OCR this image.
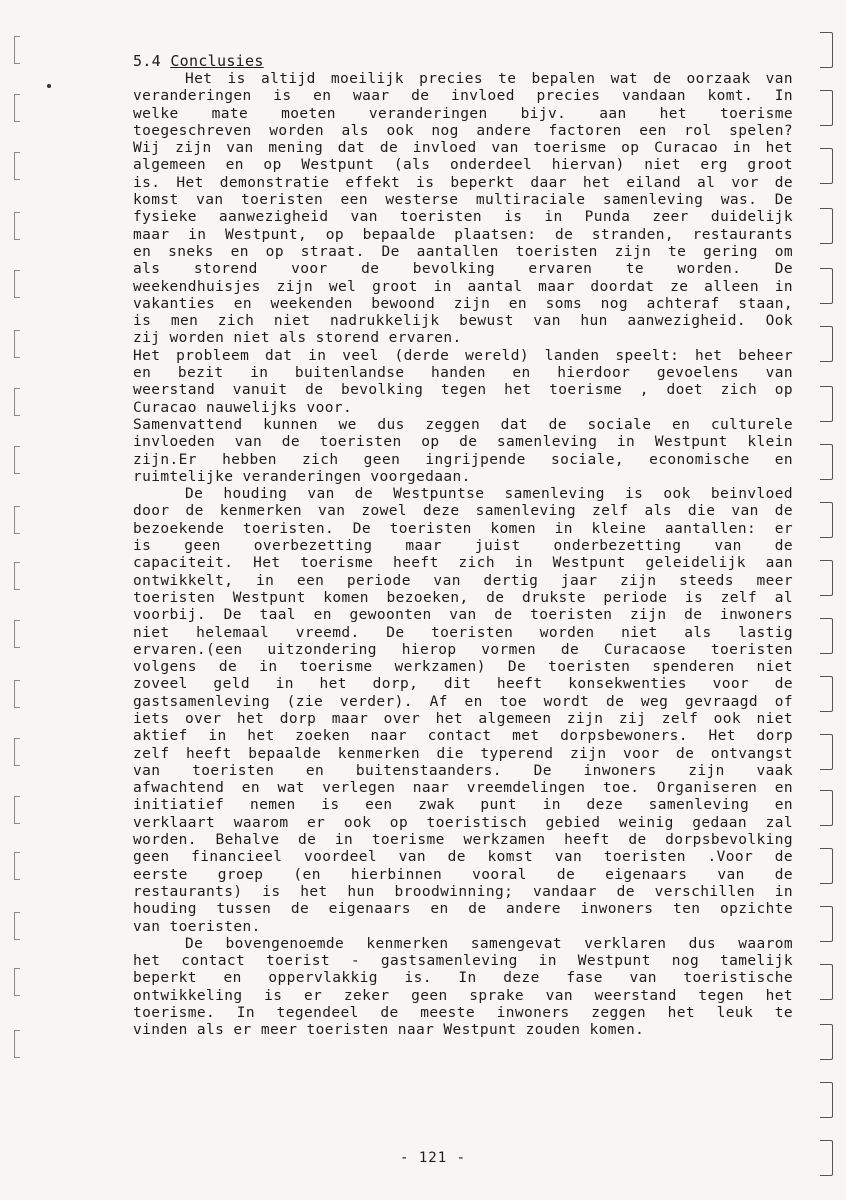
5.4 Conclusies
Het is altijd moeilijk precies te bepalen wat de oorzaak van
veranderingen is en waar de invloed precies vandaan komt. In
welke mate moeten veranderingen bijv. aan het toerisme
toegeschreven worden als ook nog andere factoren een rol spelen?
Wij zijn van mening dat de invloed van toerisme op Curacao in het
algemeen en op Westpunt (als onderdeel hiervan) niet erg groot
is. Het demonstratie effekt is beperkt daar het eiland al vor de
komst van toeristen een westerse multiraciale samenleving was. De
fysieke aanwezigheid van toeristen is in Punda zeer duidelijk
maar in Westpunt, op bepaalde plaatsen: de stranden, restaurants
en sneks en op straat. De aantallen toeristen zijn te gering om
als storend voor de bevolking ervaren te worden. De
weekendhuisjes zijn wel groot in aantal maar doordat ze alleen in
vakanties en weekenden bewoond zijn en soms nog achteraf staan,
is men zich niet nadrukkelijk bewust van hun aanwezigheid. Ook
zij worden niet als storend ervaren.
Het probleem dat in veel (derde wereld) landen speelt: het beheer
en bezit in buitenlandse handen en hierdoor gevoelens van
weerstand vanuit de bevolking tegen het toerisme , doet zich op
Curacao nauwelijks voor.
Samenvattend kunnen we dus zeggen dat de sociale en culturele
invloeden van de toeristen op de samenleving in Westpunt klein
zijn.Er hebben zich geen ingrijpende sociale, economische en
ruimtelijke veranderingen voorgedaan.
De houding van de Westpuntse samenleving is ook beinvloed
door de kenmerken van zowel deze samenleving zelf als die van de
bezoekende toeristen. De toeristen komen in kleine aantallen: er
is geen overbezetting maar juist onderbezetting van de
capaciteit. Het toerisme heeft zich in Westpunt geleidelijk aan
ontwikkelt, in een periode van dertig jaar zijn steeds meer
toeristen Westpunt komen bezoeken, de drukste periode is zelf al
voorbij. De taal en gewoonten van de toeristen zijn de inwoners
niet helemaal vreemd. De toeristen worden niet als lastig
ervaren.(een uitzondering hierop vormen de Curacaose toeristen
volgens de in toerisme werkzamen) De toeristen spenderen niet
zoveel geld in het dorp, dit heeft konsekwenties voor de
gastsamenleving (zie verder). Af en toe wordt de weg gevraagd of
iets over het dorp maar over het algemeen zijn zij zelf ook niet
aktief in het zoeken naar contact met dorpsbewoners. Het dorp
zelf heeft bepaalde kenmerken die typerend zijn voor de ontvangst
van toeristen en buitenstaanders. De inwoners zijn vaak
afwachtend en wat verlegen naar vreemdelingen toe. Organiseren en
initiatief nemen is een zwak punt in deze samenleving en
verklaart waarom er ook op toeristisch gebied weinig gedaan zal
worden. Behalve de in toerisme werkzamen heeft de dorpsbevolking
geen financieel voordeel van de komst van toeristen .Voor de
eerste groep (en hierbinnen vooral de eigenaars van de
restaurants) is het hun broodwinning; vandaar de verschillen in
houding tussen de eigenaars en de andere inwoners ten opzichte
van toeristen.
De bovengenoemde kenmerken samengevat verklaren dus waarom
het contact toerist - gastsamenleving in Westpunt nog tamelijk
beperkt en oppervlakkig is. In deze fase van toeristische
ontwikkeling is er zeker geen sprake van weerstand tegen het
toerisme. In tegendeel de meeste inwoners zeggen het leuk te
vinden als er meer toeristen naar Westpunt zouden komen.
- 121 -
